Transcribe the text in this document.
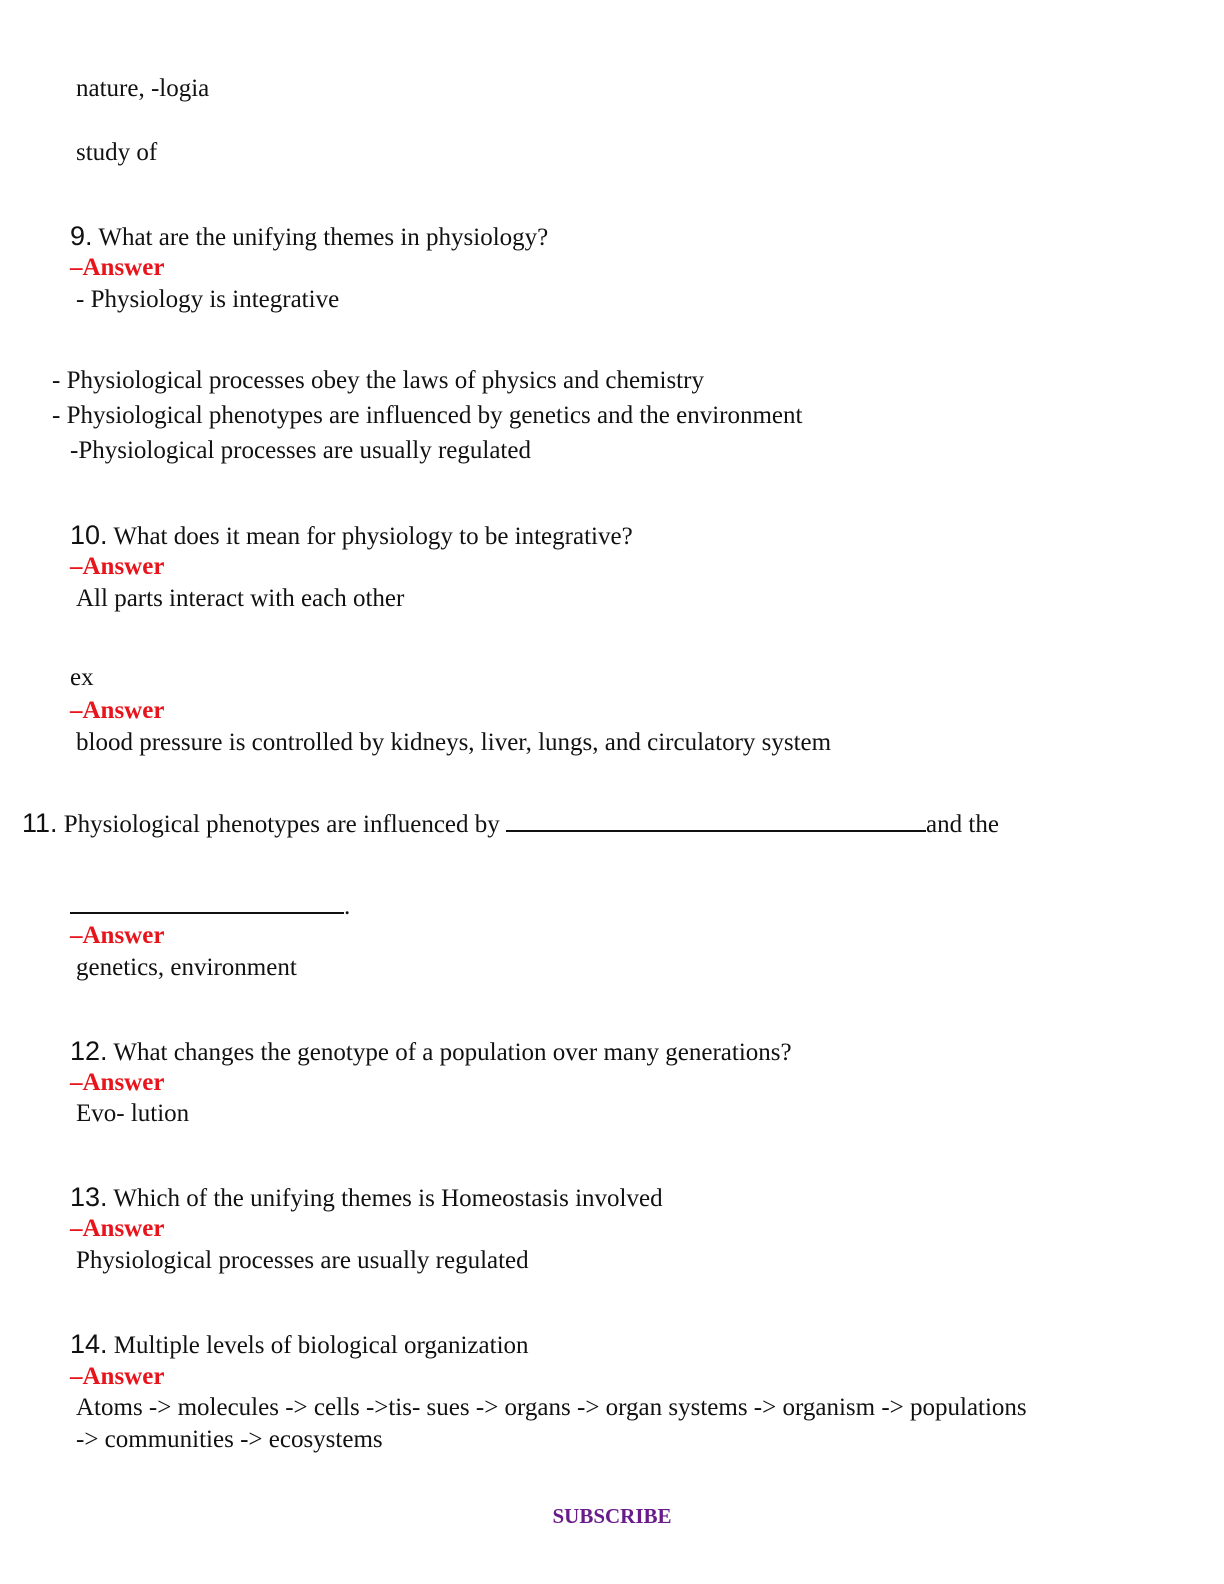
nature, -logia
study of
9. What are the unifying themes in physiology?
–Answer
- Physiology is integrative
- Physiological processes obey the laws of physics and chemistry
- Physiological phenotypes are influenced by genetics and the environment
-Physiological processes are usually regulated
10. What does it mean for physiology to be integrative?
–Answer
All parts interact with each other
ex
–Answer
blood pressure is controlled by kidneys, liver, lungs, and circulatory system
11. Physiological phenotypes are influenced by	and the
.
–Answer
genetics, environment
12. What changes the genotype of a population over many generations?
–Answer
Evo- lution
13. Which of the unifying themes is Homeostasis involved
–Answer
Physiological processes are usually regulated
14. Multiple levels of biological organization
–Answer
Atoms -> molecules -> cells ->tis- sues -> organs -> organ systems -> organism -> populations
-> communities -> ecosystems
SUBSCRIBE
